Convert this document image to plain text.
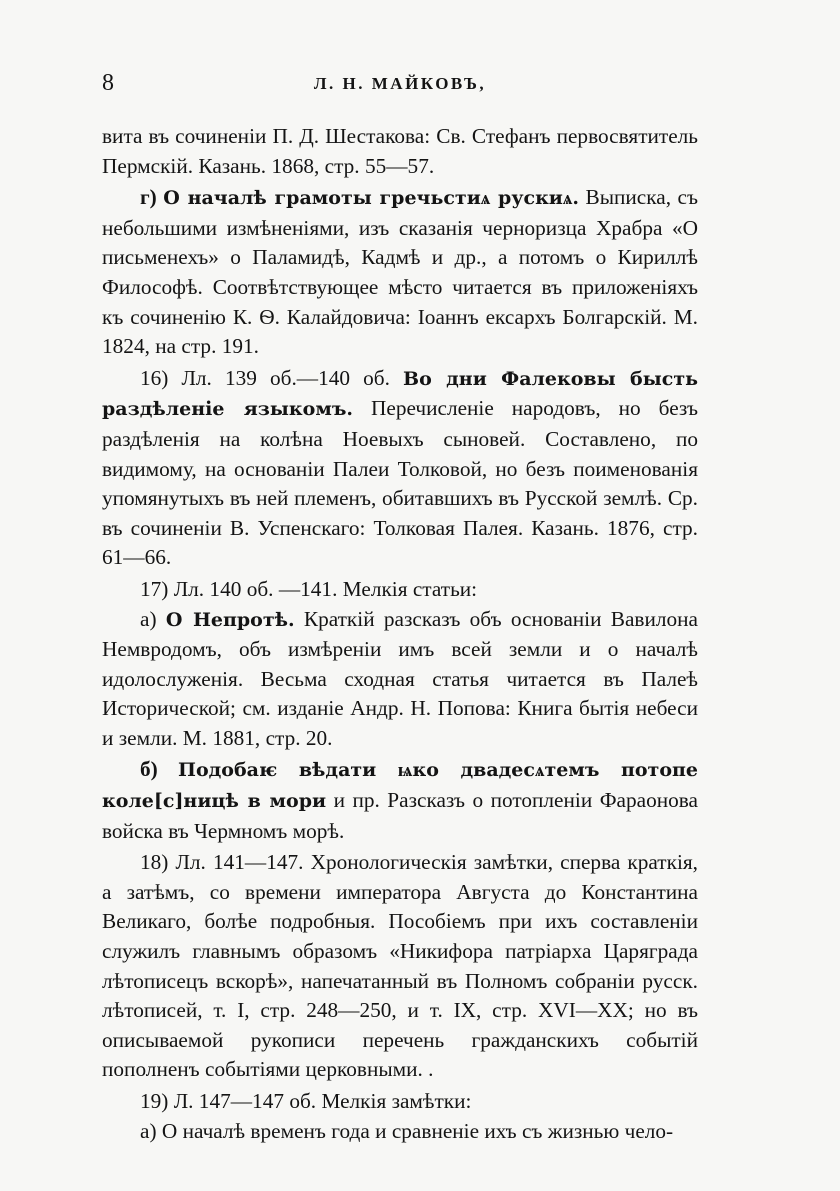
8	Л. Н. МАЙКОВЪ,

вита въ сочиненіи П. Д. Шестакова: Св. Стефанъ первосвятитель Пермскій. Казань. 1868, стр. 55—57.

г) О началѣ грамоты гречьстиѧ рускиѧ. Выписка, съ небольшими измѣненіями, изъ сказанія черноризца Храбра «О письменехъ» о Паламидѣ, Кадмѣ и др., а потомъ о Кириллѣ Философѣ. Соотвѣтствующее мѣсто читается въ приложеніяхъ къ сочиненію К. Ѳ. Калайдовича: Іоаннъ ексархъ Болгарскій. М. 1824, на стр. 191.

16) Лл. 139 об.—140 об. Во дни Фалековы бысть раздѣленіе языкомъ. Перечисленіе народовъ, но безъ раздѣленія на колѣна Ноевыхъ сыновей. Составлено, по видимому, на основаніи Палеи Толковой, но безъ поименованія упомянутыхъ въ ней племенъ, обитавшихъ въ Русской землѣ. Ср. въ сочиненіи В. Успенскаго: Толковая Палея. Казань. 1876, стр. 61—66.

17) Лл. 140 об. —141. Мелкія статьи:

а) О Непротѣ. Краткій разсказъ объ основаніи Вавилона Немвродомъ, объ измѣреніи имъ всей земли и о началѣ идолослуженія. Весьма сходная статья читается въ Палеѣ Исторической; см. изданіе Андр. Н. Попова: Книга бытія небеси и земли. М. 1881, стр. 20.

б) Подобаѥ вѣдати ѩко двадесѧтемъ потопе коле[с]ницѣ в мори и пр. Разсказъ о потопленіи Фараонова войска въ Чермномъ морѣ.

18) Лл. 141—147. Хронологическія замѣтки, сперва краткія, а затѣмъ, со времени императора Августа до Константина Великаго, болѣе подробныя. Пособіемъ при ихъ составленіи служилъ главнымъ образомъ «Никифора патріарха Царяграда лѣтописецъ вскорѣ», напечатанный въ Полномъ собраніи русск. лѣтописей, т. I, стр. 248—250, и т. IX, стр. XVI—XX; но въ описываемой рукописи перечень гражданскихъ событій пополненъ событіями церковными. .

19) Л. 147—147 об. Мелкія замѣтки:

а) О началѣ временъ года и сравненіе ихъ съ жизнью чело-
